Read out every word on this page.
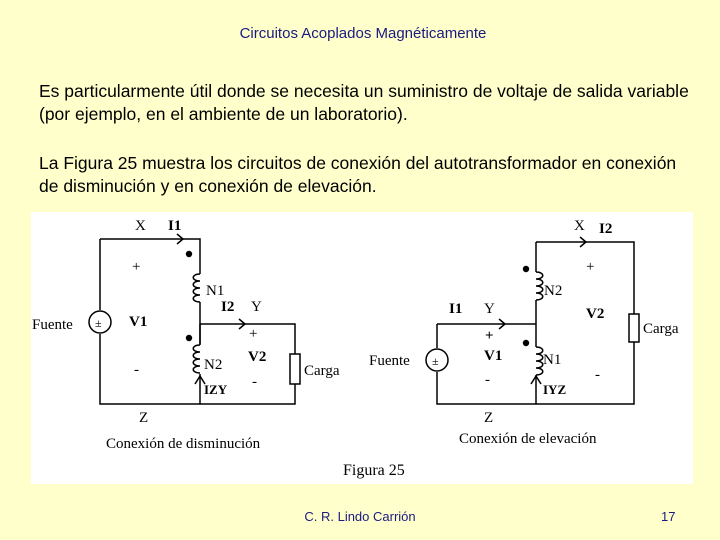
Circuitos Acoplados Magnéticamente
Es particularmente útil donde se necesita un suministro de voltaje de salida variable (por ejemplo, en el ambiente de un laboratorio).
La Figura 25 muestra los circuitos de conexión del autotransformador en conexión de disminución y en conexión de elevación.
X I1
+
N1
I2 Y
Fuente ± V1
+
-	N2 V2
Carga
IZY -
Z
Conexión de disminución
X I2
+
N2
I1 Y	V2
Carga
Fuente ±
+
V1	N1
-
IYZ
-
Z
Conexión de elevación
Figura 25
C. R. Lindo Carrión	17
